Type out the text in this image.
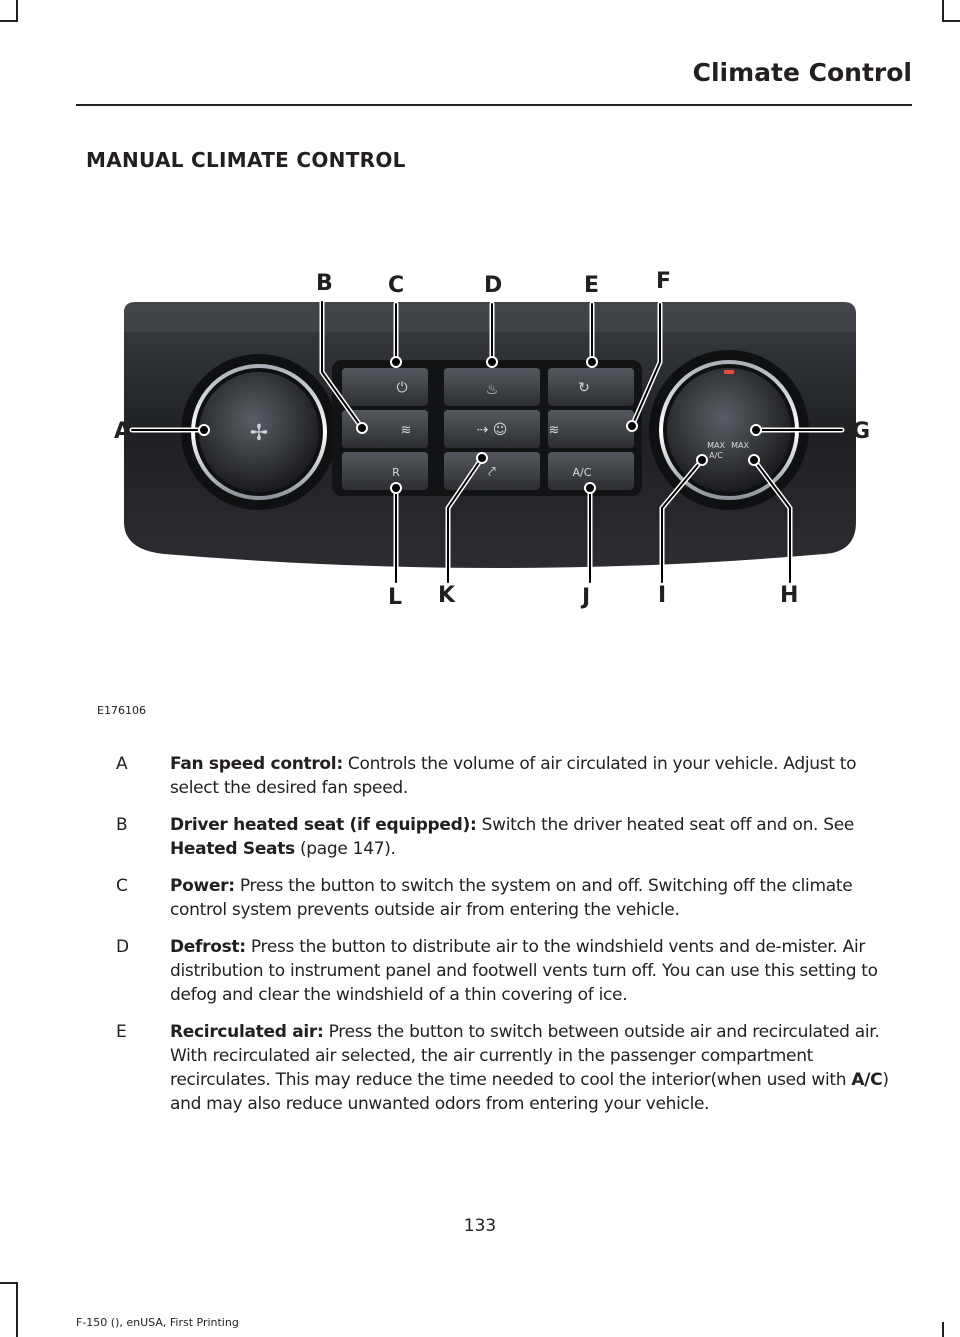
Climate Control
MANUAL CLIMATE CONTROL
✢	MAX
A/C
MAX
⏻	♨	↻
≋	⇢ ☺	≋
R	⤤	A/C
A
B	C	D	E	F
G
H
I
J
K
L
E176106
A	Fan speed control: Controls the volume of air circulated in your vehicle. Adjust to select the desired fan speed.
B	Driver heated seat (if equipped): Switch the driver heated seat off and on. See Heated Seats (page 147).
C	Power: Press the button to switch the system on and off. Switching off the climate control system prevents outside air from entering the vehicle.
D	Defrost: Press the button to distribute air to the windshield vents and de-mister. Air distribution to instrument panel and footwell vents turn off. You can use this setting to defog and clear the windshield of a thin covering of ice.
E	Recirculated air: Press the button to switch between outside air and recirculated air. With recirculated air selected, the air currently in the passenger compartment recirculates. This may reduce the time needed to cool the interior(when used with A/C) and may also reduce unwanted odors from entering your vehicle.
133
F-150 (), enUSA, First Printing
